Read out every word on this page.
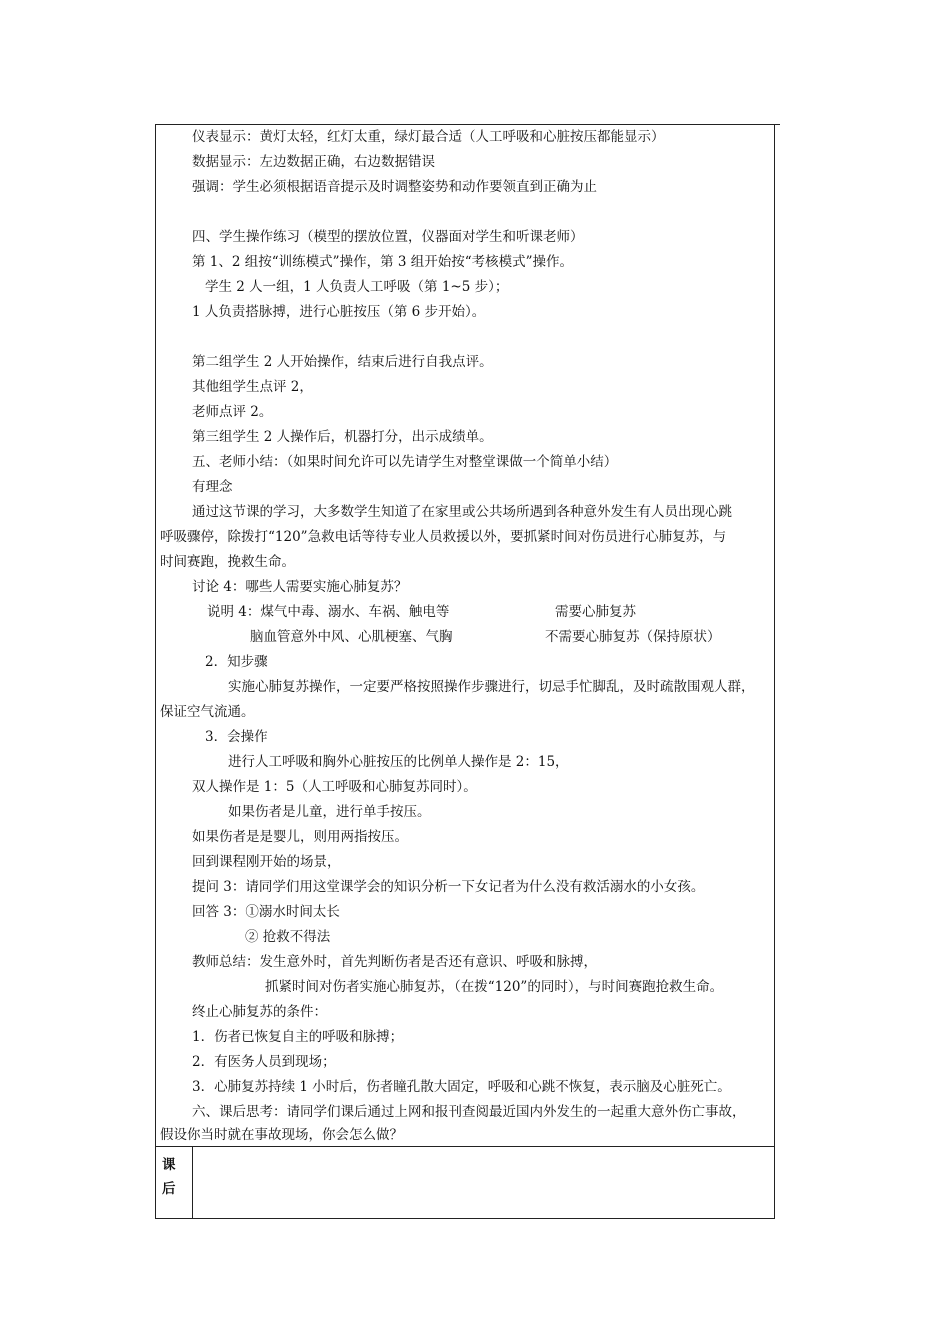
仪表显示：黄灯太轻，红灯太重，绿灯最合适（人工呼吸和心脏按压都能显示）
数据显示：左边数据正确，右边数据错误
强调：学生必须根据语音提示及时调整姿势和动作要领直到正确为止
四、学生操作练习（模型的摆放位置，仪器面对学生和听课老师）
第 1、2 组按“训练模式”操作，第 3 组开始按“考核模式”操作。
学生 2 人一组，1 人负责人工呼吸（第 1~5 步）；
1 人负责搭脉搏，进行心脏按压（第 6 步开始）。
第二组学生 2 人开始操作，结束后进行自我点评。
其他组学生点评 2，
老师点评 2。
第三组学生 2 人操作后，机器打分，出示成绩单。
五、老师小结：（如果时间允许可以先请学生对整堂课做一个简单小结）
有理念
通过这节课的学习，大多数学生知道了在家里或公共场所遇到各种意外发生有人员出现心跳
呼吸骤停，除拨打“120”急救电话等待专业人员救援以外，要抓紧时间对伤员进行心肺复苏，与
时间赛跑，挽救生命。
讨论 4：哪些人需要实施心肺复苏？
说明 4：煤气中毒、溺水、车祸、触电等	需要心肺复苏
脑血管意外中风、心肌梗塞、气胸	不需要心肺复苏（保持原状）
2．知步骤
实施心肺复苏操作，一定要严格按照操作步骤进行，切忌手忙脚乱，及时疏散围观人群，
保证空气流通。
3．会操作
进行人工呼吸和胸外心脏按压的比例单人操作是 2：15，
双人操作是 1：5（人工呼吸和心肺复苏同时）。
如果伤者是儿童，进行单手按压。
如果伤者是是婴儿，则用两指按压。
回到课程刚开始的场景，
提问 3：请同学们用这堂课学会的知识分析一下女记者为什么没有救活溺水的小女孩。
回答 3：①溺水时间太长
② 抢救不得法
教师总结：发生意外时，首先判断伤者是否还有意识、呼吸和脉搏，
抓紧时间对伤者实施心肺复苏，（在拨“120”的同时），与时间赛跑抢救生命。
终止心肺复苏的条件：
1．伤者已恢复自主的呼吸和脉搏；
2．有医务人员到现场；
3．心肺复苏持续 1 小时后，伤者瞳孔散大固定，呼吸和心跳不恢复，表示脑及心脏死亡。
六、课后思考：请同学们课后通过上网和报刊查阅最近国内外发生的一起重大意外伤亡事故，
假设你当时就在事故现场，你会怎么做？
课
后
